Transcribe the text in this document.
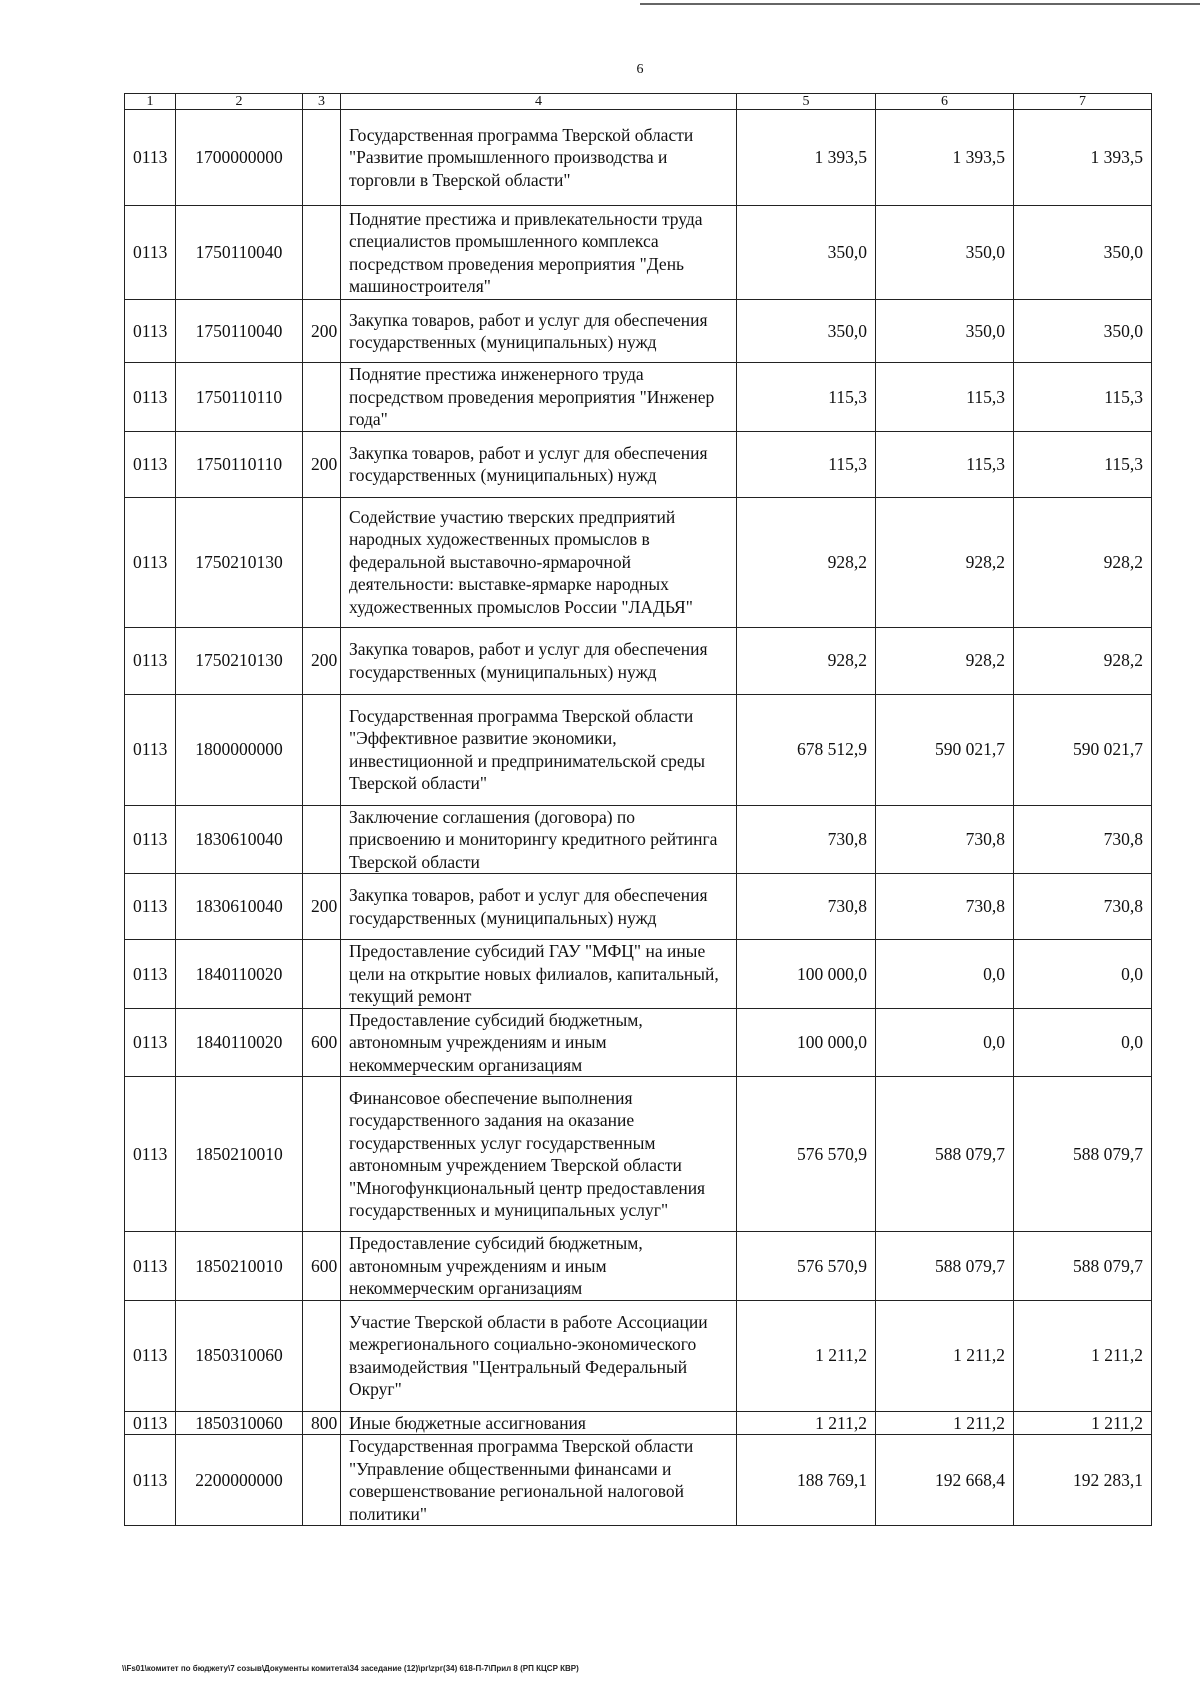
6
1	2	3	4	5	6	7
0113	1700000000		Государственная программа Тверской области "Развитие промышленного производства и торговли в Тверской области"	1 393,5	1 393,5	1 393,5
0113	1750110040		Поднятие престижа и привлекательности труда специалистов промышленного комплекса посредством проведения мероприятия "День машиностроителя"	350,0	350,0	350,0
0113	1750110040	200	Закупка товаров, работ и услуг для обеспечения государственных (муниципальных) нужд	350,0	350,0	350,0
0113	1750110110		Поднятие престижа инженерного труда посредством проведения мероприятия "Инженер года"	115,3	115,3	115,3
0113	1750110110	200	Закупка товаров, работ и услуг для обеспечения государственных (муниципальных) нужд	115,3	115,3	115,3
0113	1750210130		Содействие участию тверских предприятий народных художественных промыслов в федеральной выставочно-ярмарочной деятельности: выставке-ярмарке народных художественных промыслов России "ЛАДЬЯ"	928,2	928,2	928,2
0113	1750210130	200	Закупка товаров, работ и услуг для обеспечения государственных (муниципальных) нужд	928,2	928,2	928,2
0113	1800000000		Государственная программа Тверской области "Эффективное развитие экономики, инвестиционной и предпринимательской среды Тверской области"	678 512,9	590 021,7	590 021,7
0113	1830610040		Заключение соглашения (договора) по присвоению и мониторингу кредитного рейтинга Тверской области	730,8	730,8	730,8
0113	1830610040	200	Закупка товаров, работ и услуг для обеспечения государственных (муниципальных) нужд	730,8	730,8	730,8
0113	1840110020		Предоставление субсидий ГАУ "МФЦ" на иные цели на открытие новых филиалов, капитальный, текущий ремонт	100 000,0	0,0	0,0
0113	1840110020	600	Предоставление субсидий бюджетным, автономным учреждениям и иным некоммерческим организациям	100 000,0	0,0	0,0
0113	1850210010		Финансовое обеспечение выполнения государственного задания на оказание государственных услуг государственным автономным учреждением Тверской области "Многофункциональный центр предоставления государственных и муниципальных услуг"	576 570,9	588 079,7	588 079,7
0113	1850210010	600	Предоставление субсидий бюджетным, автономным учреждениям и иным некоммерческим организациям	576 570,9	588 079,7	588 079,7
0113	1850310060		Участие Тверской области в работе Ассоциации межрегионального социально-экономического взаимодействия "Центральный Федеральный Округ"	1 211,2	1 211,2	1 211,2
0113	1850310060	800	Иные бюджетные ассигнования	1 211,2	1 211,2	1 211,2
0113	2200000000		Государственная программа Тверской области "Управление общественными финансами и совершенствование региональной налоговой политики"	188 769,1	192 668,4	192 283,1
\\Fs01\комитет по бюджету\7 созыв\Документы комитета\34 заседание (12)\рг\zрг(34) 618-П-7\Прил 8 (РП КЦСР КВР)
